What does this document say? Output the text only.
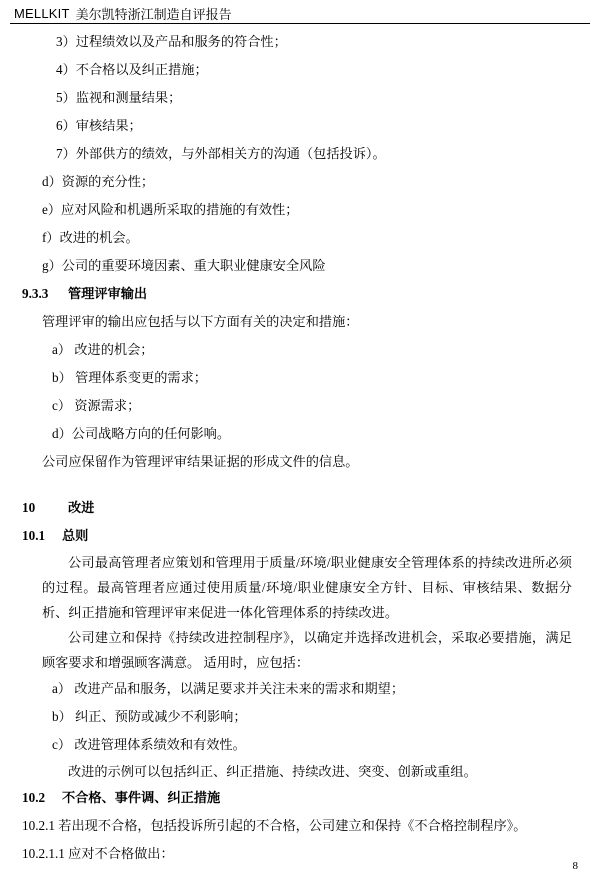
MELLKIT 美尔凯特浙江制造自评报告
3）过程绩效以及产品和服务的符合性；
4）不合格以及纠正措施；
5）监视和测量结果；
6）审核结果；
7）外部供方的绩效，与外部相关方的沟通（包括投诉）。
d）资源的充分性；
e）应对风险和机遇所采取的措施的有效性；
f）改进的机会。
g）公司的重要环境因素、重大职业健康安全风险
9.3.3	管理评审输出
管理评审的输出应包括与以下方面有关的决定和措施：
a） 改进的机会；
b） 管理体系变更的需求；
c） 资源需求；
d）公司战略方向的任何影响。
公司应保留作为管理评审结果证据的形成文件的信息。
10	改进
10.1	总则
公司最高管理者应策划和管理用于质量/环境/职业健康安全管理体系的持续改进所必须的过程。最高管理者应通过使用质量/环境/职业健康安全方针、目标、审核结果、数据分析、纠正措施和管理评审来促进一体化管理体系的持续改进。
公司建立和保持《持续改进控制程序》，以确定并选择改进机会，采取必要措施，满足顾客要求和增强顾客满意。 适用时，应包括：
a） 改进产品和服务，以满足要求并关注未来的需求和期望；
b） 纠正、预防或减少不利影响；
c） 改进管理体系绩效和有效性。
改进的示例可以包括纠正、纠正措施、持续改进、突变、创新或重组。
10.2	不合格、事件调、纠正措施
10.2.1 若出现不合格，包括投诉所引起的不合格，公司建立和保持《不合格控制程序》。
10.2.1.1 应对不合格做出：
8
